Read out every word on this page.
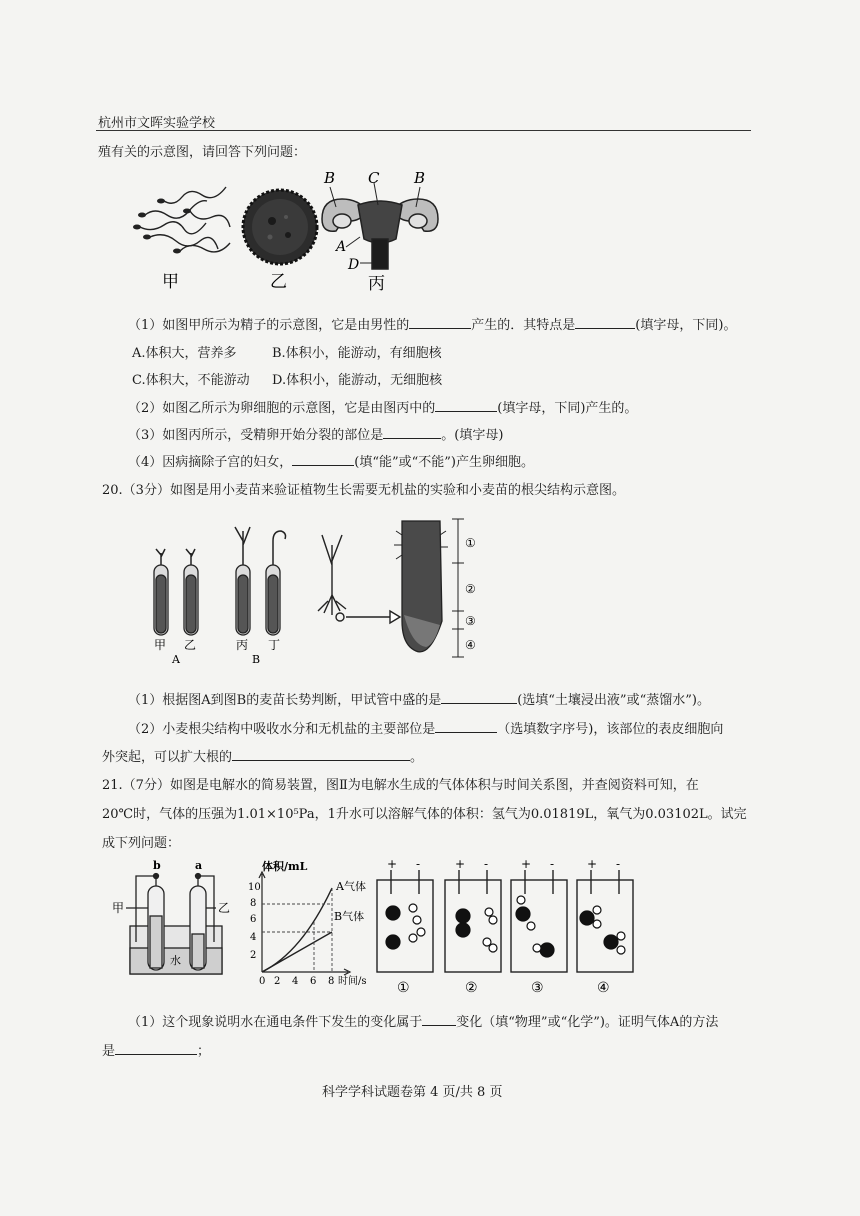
杭州市文晖实验学校
殖有关的示意图，请回答下列问题：
B C B
A
D
甲	乙	丙
（1）如图甲所示为精子的示意图，它是由男性的	产生的．其特点是	(填字母，下同)。
A.体积大，营养多	B.体积小，能游动，有细胞核
C.体积大，不能游动 D.体积小，能游动，无细胞核
（2）如图乙所示为卵细胞的示意图，它是由图丙中的	(填字母，下同)产生的。
（3）如图丙所示，受精卵开始分裂的部位是	。(填字母)
（4）因病摘除子宫的妇女，	(填“能”或“不能”)产生卵细胞。
20.（3分）如图是用小麦苗来验证植物生长需要无机盐的实验和小麦苗的根尖结构示意图。
①
②
③
④
甲 乙	丙 丁
A	B
（1）根据图A到图B的麦苗长势判断，甲试管中盛的是	(选填“土壤浸出液”或“蒸馏水”)。
（2）小麦根尖结构中吸收水分和无机盐的主要部位是	（选填数字序号)，该部位的表皮细胞向
外突起，可以扩大根的	。
21.（7分）如图是电解水的简易装置，图Ⅱ为电解水生成的气体体积与时间关系图，并查阅资料可知，在
20℃时，气体的压强为1.01×10⁵Pa，1升水可以溶解气体的体积：氢气为0.01819L，氧气为0.03102L。试完
成下列问题：
b	a
甲	乙
水
体积/mL
A气体
B气体
2
4
6
8
10
0 2 4 6 8 时间/s
+ -	+ -	+ -	+ -
①	②	③	④
（1）这个现象说明水在通电条件下发生的变化属于	变化（填“物理”或“化学”)。证明气体A的方法
是	；
科学学科试题卷第 4 页/共 8 页
